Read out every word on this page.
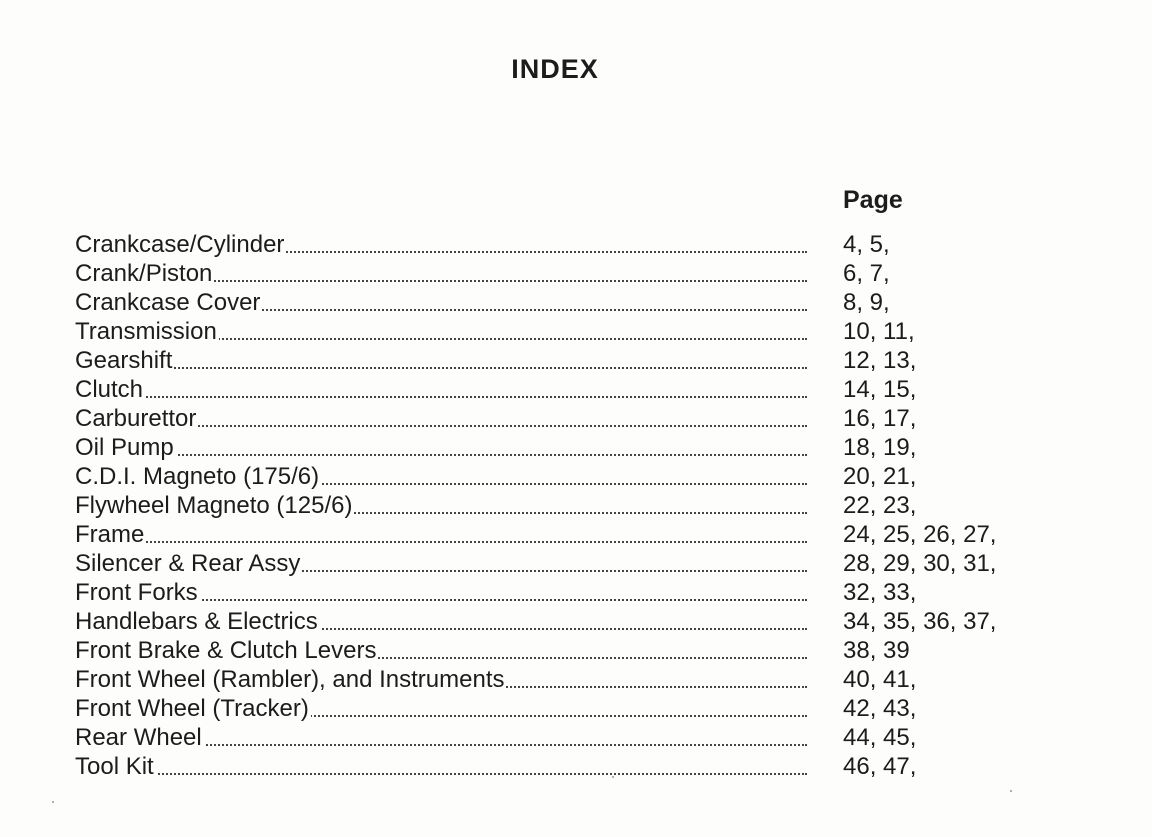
INDEX
Page
Crankcase/Cylinder	4, 5,
Crank/Piston	6, 7,
Crankcase Cover	8, 9,
Transmission	10, 11,
Gearshift	12, 13,
Clutch	14, 15,
Carburettor	16, 17,
Oil Pump	18, 19,
C.D.I. Magneto (175/6)	20, 21,
Flywheel Magneto (125/6)	22, 23,
Frame	24, 25, 26, 27,
Silencer & Rear Assy	28, 29, 30, 31,
Front Forks	32, 33,
Handlebars & Electrics	34, 35, 36, 37,
Front Brake & Clutch Levers	38, 39
Front Wheel (Rambler), and Instruments	40, 41,
Front Wheel (Tracker)	42, 43,
Rear Wheel	44, 45,
Tool Kit	46, 47,
